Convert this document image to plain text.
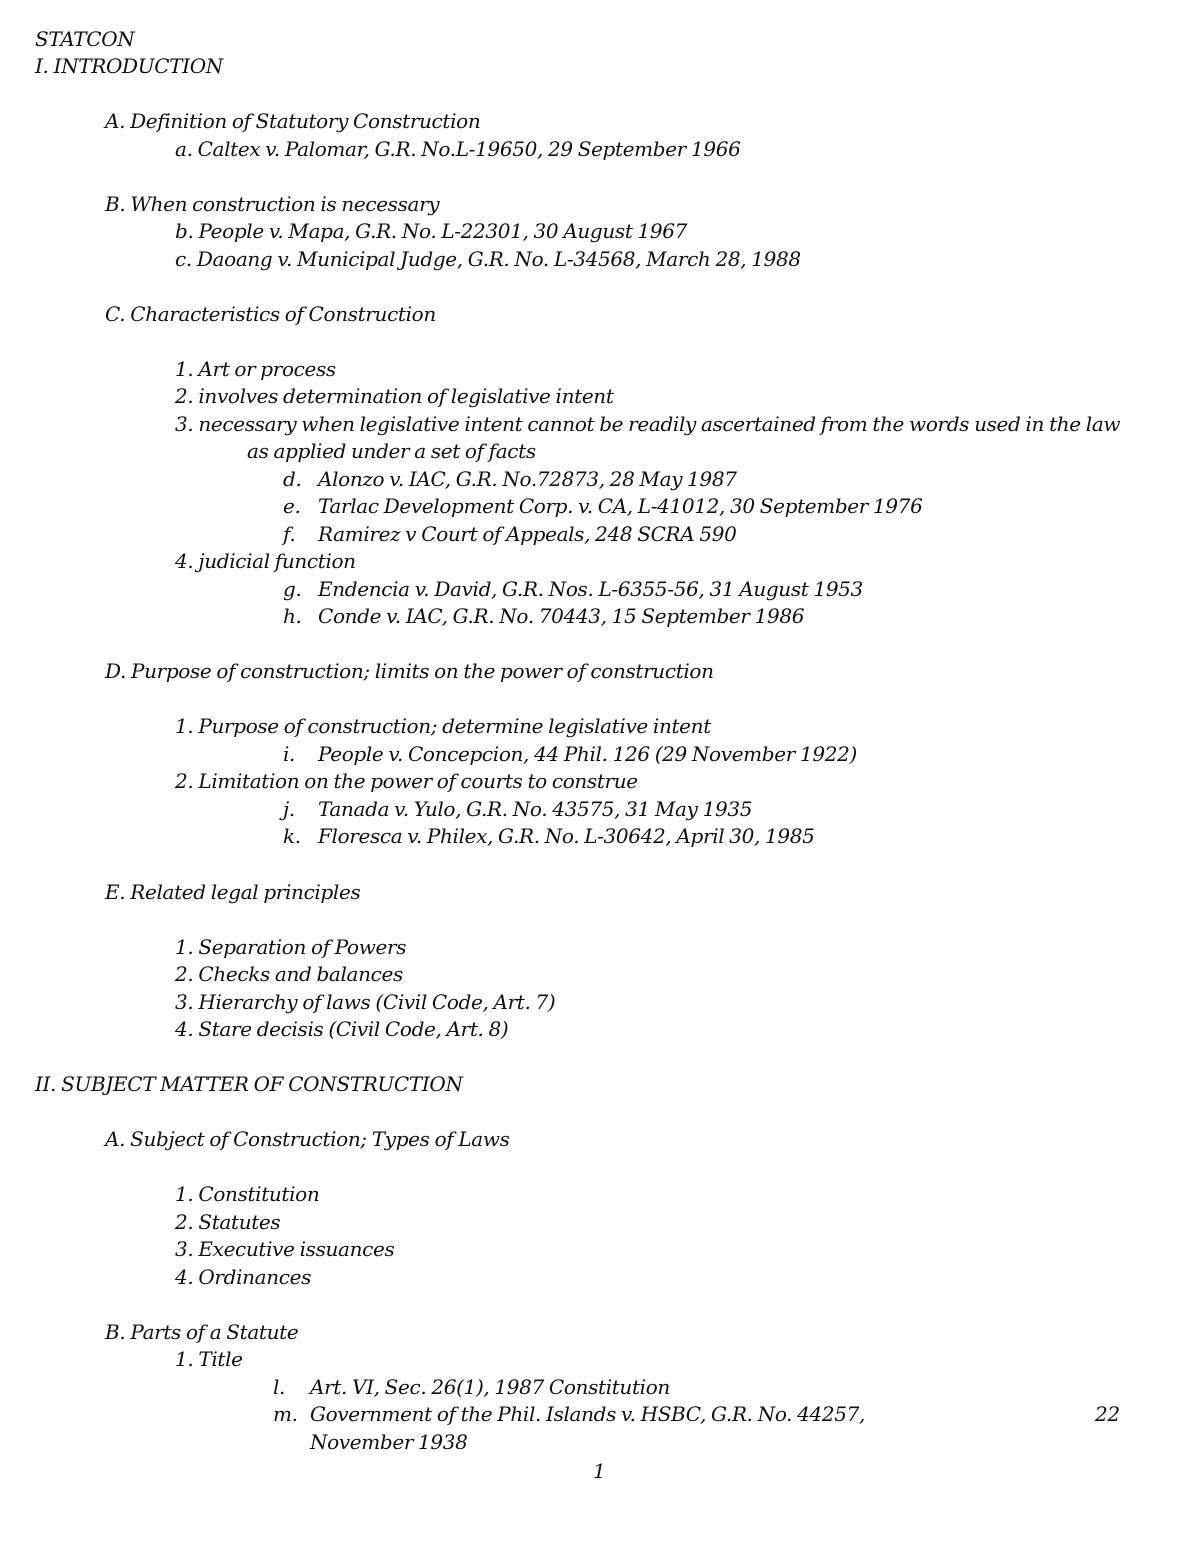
STATCON
I. INTRODUCTION
A. Definition of Statutory Construction
a. Caltex v. Palomar, G.R. No.L-19650, 29 September 1966
B. When construction is necessary
b. People v. Mapa, G.R. No. L-22301, 30 August 1967
c. Daoang v. Municipal Judge, G.R. No. L-34568, March 28, 1988
C. Characteristics of Construction
1. Art or process
2. involves determination of legislative intent
3. necessary when legislative intent cannot be readily ascertained from the words used in the law
as applied under a set of facts
d. Alonzo v. IAC, G.R. No.72873, 28 May 1987
e. Tarlac Development Corp. v. CA, L-41012, 30 September 1976
f. Ramirez v Court of Appeals, 248 SCRA 590
4. judicial function
g. Endencia v. David, G.R. Nos. L-6355-56, 31 August 1953
h. Conde v. IAC, G.R. No. 70443, 15 September 1986
D. Purpose of construction; limits on the power of construction
1. Purpose of construction; determine legislative intent
i. People v. Concepcion, 44 Phil. 126 (29 November 1922)
2. Limitation on the power of courts to construe
j. Tanada v. Yulo, G.R. No. 43575, 31 May 1935
k. Floresca v. Philex, G.R. No. L-30642, April 30, 1985
E. Related legal principles
1. Separation of Powers
2. Checks and balances
3. Hierarchy of laws (Civil Code, Art. 7)
4. Stare decisis (Civil Code, Art. 8)
II. SUBJECT MATTER OF CONSTRUCTION
A. Subject of Construction; Types of Laws
1. Constitution
2. Statutes
3. Executive issuances
4. Ordinances
B. Parts of a Statute
1. Title
l. Art. VI, Sec. 26(1), 1987 Constitution
m. Government of the Phil. Islands v. HSBC, G.R. No. 44257,	22
November 1938
1
